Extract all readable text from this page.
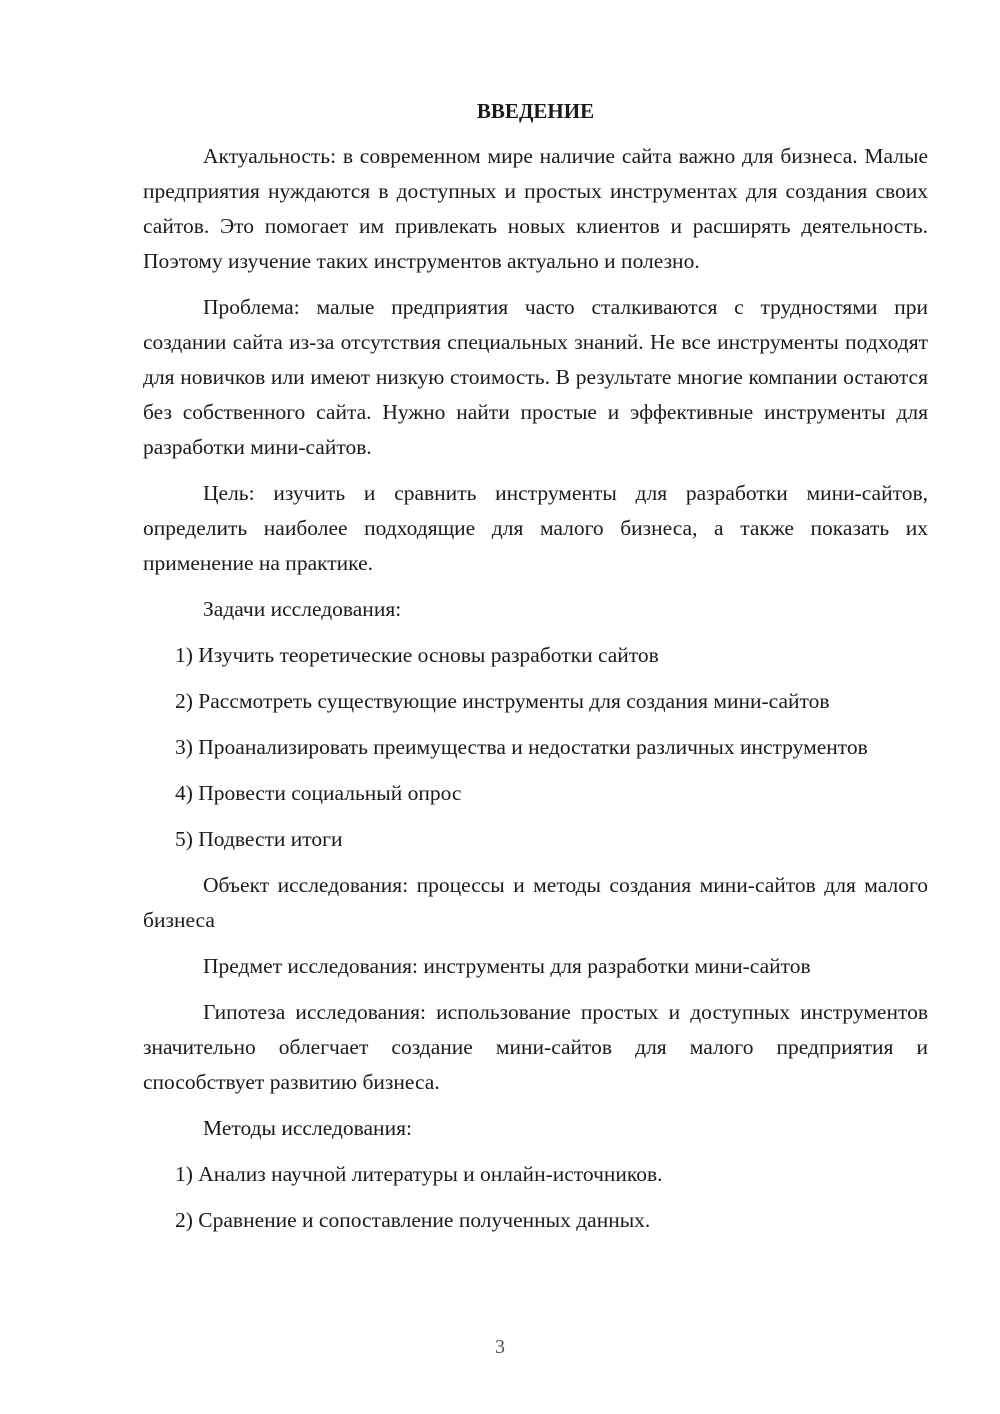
ВВЕДЕНИЕ

Актуальность: в современном мире наличие сайта важно для бизнеса. Малые предприятия нуждаются в доступных и простых инструментах для создания своих сайтов. Это помогает им привлекать новых клиентов и расширять деятельность. Поэтому изучение таких инструментов актуально и полезно.

Проблема: малые предприятия часто сталкиваются с трудностями при создании сайта из-за отсутствия специальных знаний. Не все инструменты подходят для новичков или имеют низкую стоимость. В результате многие компании остаются без собственного сайта. Нужно найти простые и эффективные инструменты для разработки мини-сайтов.

Цель: изучить и сравнить инструменты для разработки мини-сайтов, определить наиболее подходящие для малого бизнеса, а также показать их применение на практике.

Задачи исследования:

1) Изучить теоретические основы разработки сайтов

2) Рассмотреть существующие инструменты для создания мини-сайтов

3) Проанализировать преимущества и недостатки различных инструментов

4) Провести социальный опрос

5) Подвести итоги

Объект исследования: процессы и методы создания мини-сайтов для малого бизнеса

Предмет исследования: инструменты для разработки мини-сайтов

Гипотеза исследования: использование простых и доступных инструментов значительно облегчает создание мини-сайтов для малого предприятия и способствует развитию бизнеса.

Методы исследования:

1) Анализ научной литературы и онлайн-источников.

2) Сравнение и сопоставление полученных данных.

3
